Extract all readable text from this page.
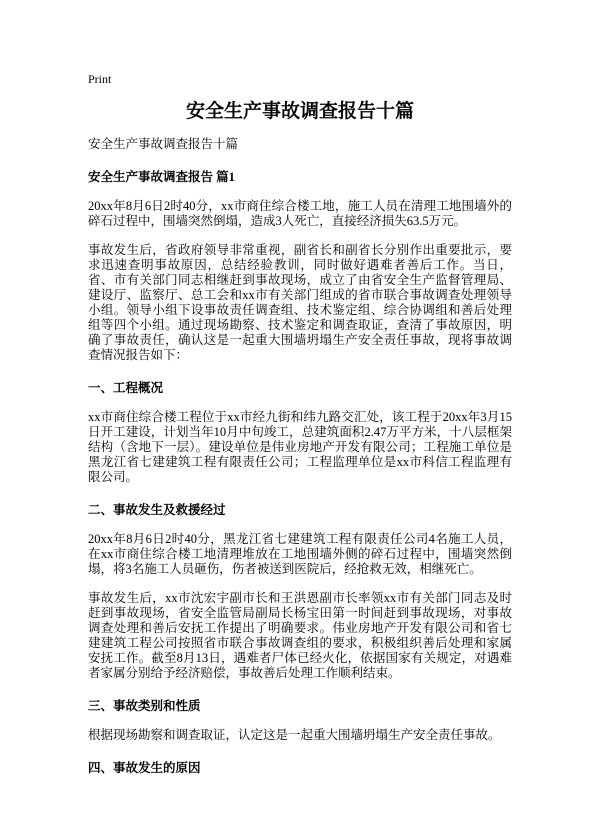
Print
安全生产事故调查报告十篇

安全生产事故调查报告十篇

安全生产事故调查报告 篇1

20xx年8月6日2时40分，xx市商住综合楼工地，施工人员在清理工地围墙外的碎石过程中，围墙突然倒塌，造成3人死亡，直接经济损失63.5万元。

事故发生后，省政府领导非常重视，副省长和副省长分别作出重要批示，要求迅速查明事故原因，总结经验教训，同时做好遇难者善后工作。当日，省、市有关部门同志相继赶到事故现场，成立了由省安全生产监督管理局、建设厅、监察厅、总工会和xx市有关部门组成的省市联合事故调查处理领导小组。领导小组下设事故责任调查组、技术鉴定组、综合协调组和善后处理组等四个小组。通过现场勘察、技术鉴定和调查取证，查清了事故原因，明确了事故责任，确认这是一起重大围墙坍塌生产安全责任事故，现将事故调查情况报告如下：

一、工程概况

xx市商住综合楼工程位于xx市经九街和纬九路交汇处，该工程于20xx年3月15日开工建设，计划当年10月中旬竣工，总建筑面积2.47万平方米，十八层框架结构（含地下一层）。建设单位是伟业房地产开发有限公司；工程施工单位是黑龙江省七建建筑工程有限责任公司；工程监理单位是xx市科信工程监理有限公司。

二、事故发生及救援经过

20xx年8月6日2时40分，黑龙江省七建建筑工程有限责任公司4名施工人员，在xx市商住综合楼工地清理堆放在工地围墙外侧的碎石过程中，围墙突然倒塌，将3名施工人员砸伤，伤者被送到医院后，经抢救无效，相继死亡。

事故发生后，xx市沈宏宇副市长和王洪恩副市长率领xx市有关部门同志及时赶到事故现场，省安全监管局副局长杨宝田第一时间赶到事故现场，对事故调查处理和善后安抚工作提出了明确要求。伟业房地产开发有限公司和省七建建筑工程公司按照省市联合事故调查组的要求，积极组织善后处理和家属安抚工作。截至8月13日，遇难者尸体已经火化，依据国家有关规定，对遇难者家属分别给予经济赔偿，事故善后处理工作顺利结束。

三、事故类别和性质

根据现场勘察和调查取证，认定这是一起重大围墙坍塌生产安全责任事故。

四、事故发生的原因
